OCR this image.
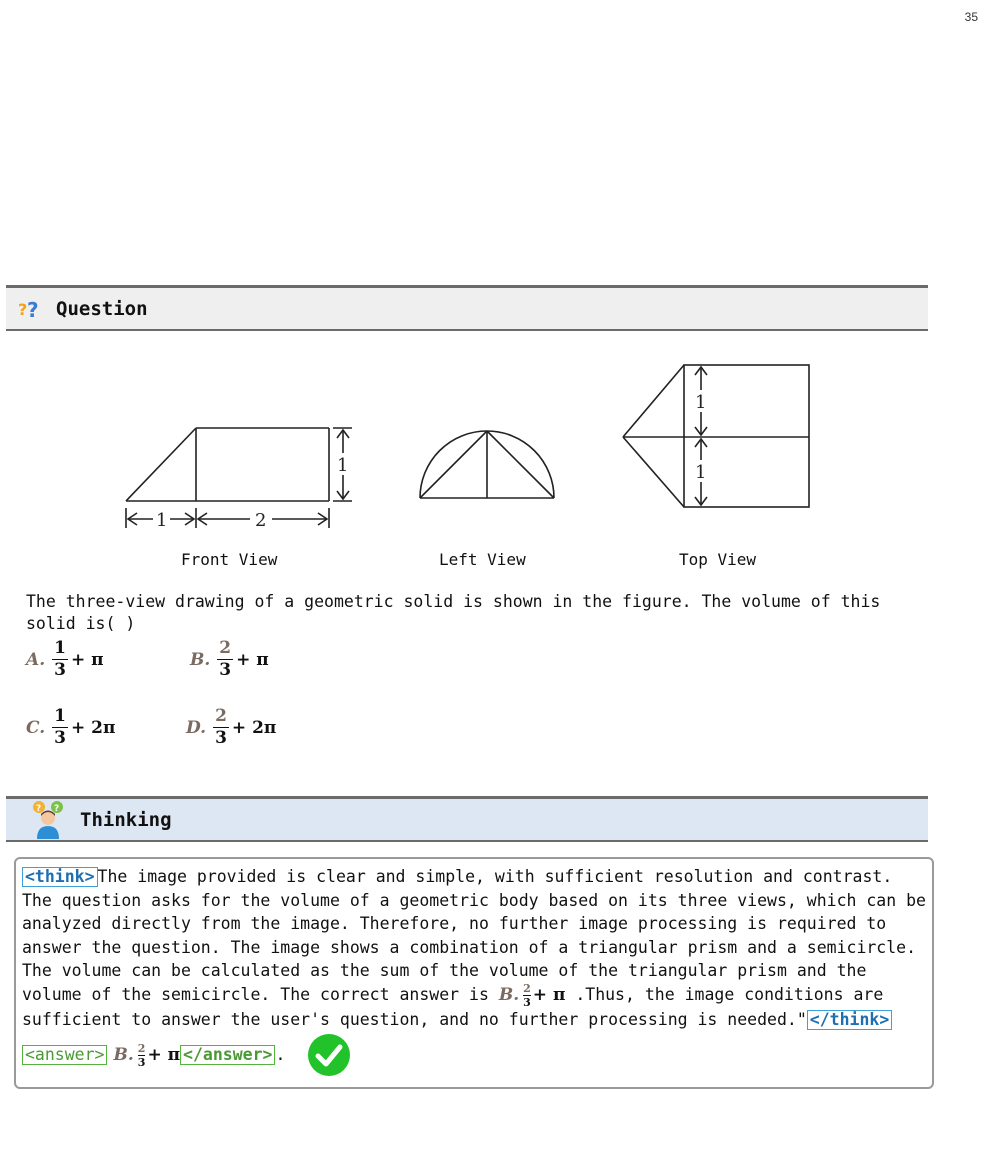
35
? ? Question
1	2
1
1
1
Front View	Left View	Top View
The three-view drawing of a geometric solid is shown in the figure. The volume of this solid is( )
A. $\frac{1}{3} + \pi$	B. $\frac{2}{3} + \pi$
C. $\frac{1}{3} + 2\pi$	D. $\frac{2}{3} + 2\pi$
? ? Thinking
<think> The image provided is clear and simple, with sufficient resolution and contrast. The question asks for the volume of a geometric body based on its three views, which can be analyzed directly from the image. Therefore, no further image processing is required to answer the question. The image shows a combination of a triangular prism and a semicircle. The volume can be calculated as the sum of the volume of the triangular prism and the volume of the semicircle. The correct answer is B. $\frac{2}{3} + \pi$ .Thus, the image conditions are sufficient to answer the user's question, and no further processing is needed." </think>
<answer> B. $\frac{2}{3} + \pi$ </answer> .
